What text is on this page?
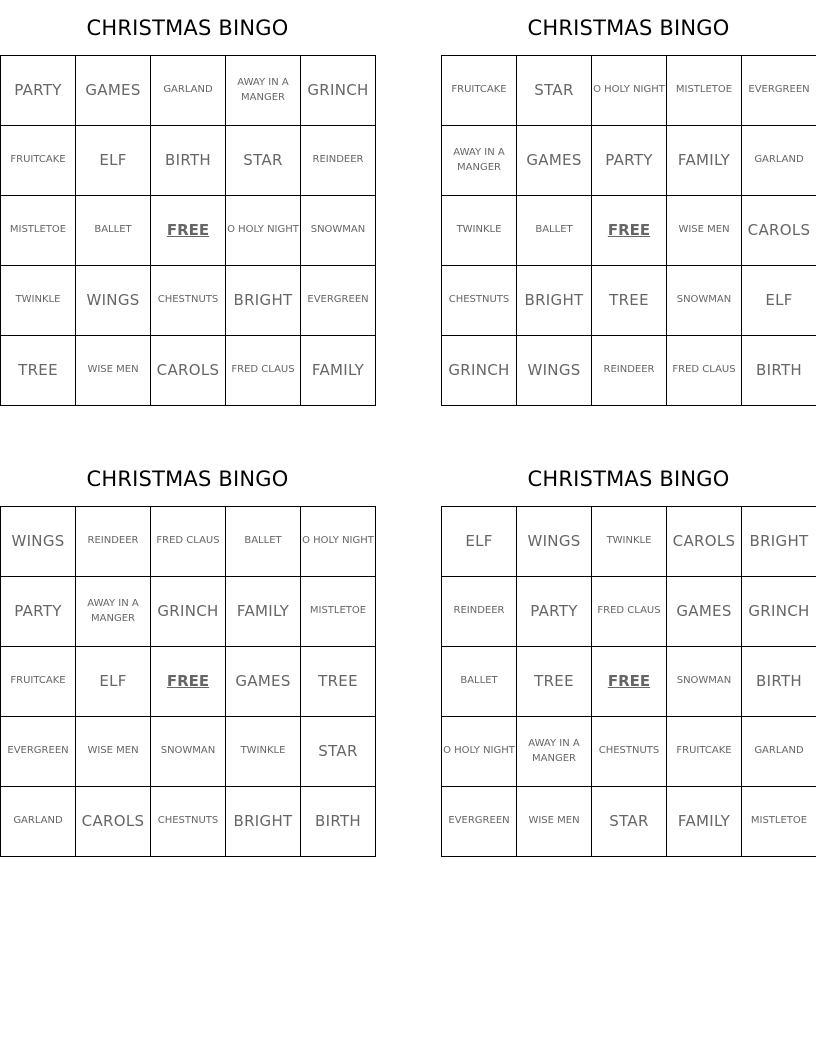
CHRISTMAS BINGO
PARTY	GAMES	GARLAND	AWAY IN A MANGER	GRINCH
FRUITCAKE	ELF	BIRTH	STAR	REINDEER
MISTLETOE	BALLET	FREE	O HOLY NIGHT	SNOWMAN
TWINKLE	WINGS	CHESTNUTS	BRIGHT	EVERGREEN
TREE	WISE MEN	CAROLS	FRED CLAUS	FAMILY
CHRISTMAS BINGO
FRUITCAKE	STAR	O HOLY NIGHT	MISTLETOE	EVERGREEN
AWAY IN A MANGER	GAMES	PARTY	FAMILY	GARLAND
TWINKLE	BALLET	FREE	WISE MEN	CAROLS
CHESTNUTS	BRIGHT	TREE	SNOWMAN	ELF
GRINCH	WINGS	REINDEER	FRED CLAUS	BIRTH
CHRISTMAS BINGO
WINGS	REINDEER	FRED CLAUS	BALLET	O HOLY NIGHT
PARTY	AWAY IN A MANGER	GRINCH	FAMILY	MISTLETOE
FRUITCAKE	ELF	FREE	GAMES	TREE
EVERGREEN	WISE MEN	SNOWMAN	TWINKLE	STAR
GARLAND	CAROLS	CHESTNUTS	BRIGHT	BIRTH
CHRISTMAS BINGO
ELF	WINGS	TWINKLE	CAROLS	BRIGHT
REINDEER	PARTY	FRED CLAUS	GAMES	GRINCH
BALLET	TREE	FREE	SNOWMAN	BIRTH
O HOLY NIGHT	AWAY IN A MANGER	CHESTNUTS	FRUITCAKE	GARLAND
EVERGREEN	WISE MEN	STAR	FAMILY	MISTLETOE
